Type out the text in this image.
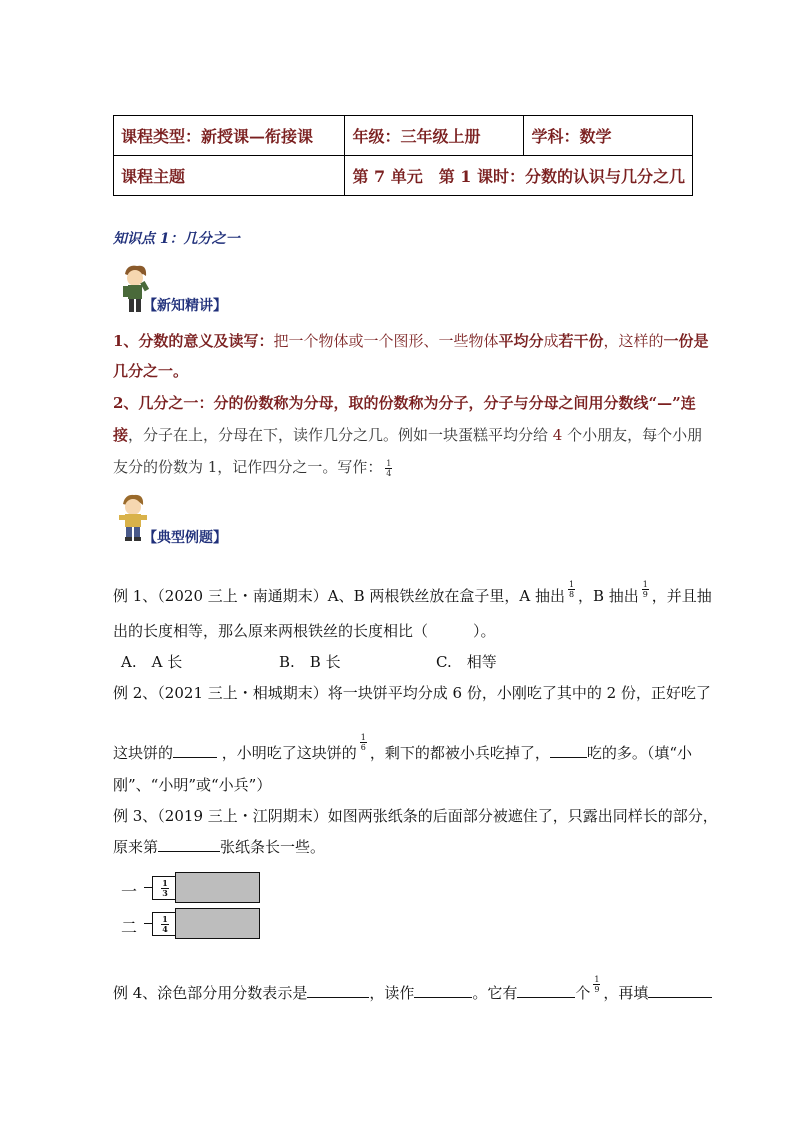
课程类型：新授课—衔接课	年级：三年级上册	学科：数学
课程主题	第 7 单元　第 1 课时：分数的认识与几分之几	
知识点 1：几分之一
【新知精讲】
1、分数的意义及读写：把一个物体或一个图形、一些物体平均分成若干份，这样的一份是
几分之一。
2、几分之一：分的份数称为分母，取的份数称为分子，分子与分母之间用分数线“—”连
接，分子在上，分母在下，读作几分之几。例如一块蛋糕平均分给 4 个小朋友，每个小朋
友分的份数为 1，记作四分之一。写作： $\frac{1}{4}$
【典型例题】
例 1、（2020 三上・南通期末）A、B 两根铁丝放在盒子里，A 抽出 $\frac{1}{8}$ ，B 抽出 $\frac{1}{9}$ ，并且抽
出的长度相等，那么原来两根铁丝的长度相比（　　　）。
A.　A 长	B.　B 长	C.　相等
例 2、（2021 三上・相城期末）将一块饼平均分成 6 份，小刚吃了其中的 2 份，正好吃了
这块饼的	，小明吃了这块饼的
$\frac{1}{6}$
，剩下的都被小兵吃掉了， 吃的多。（填“小
刚”、“小明”或“小兵”）
例 3、（2019 三上・江阴期末）如图两张纸条的后面部分被遮住了，只露出同样长的部分，
原来第	张纸条长一些。
一	1
3
二	1
4
例 4、涂色部分用分数表示是	，读作	。它有	个 $\frac{1}{9}$ ，再填
